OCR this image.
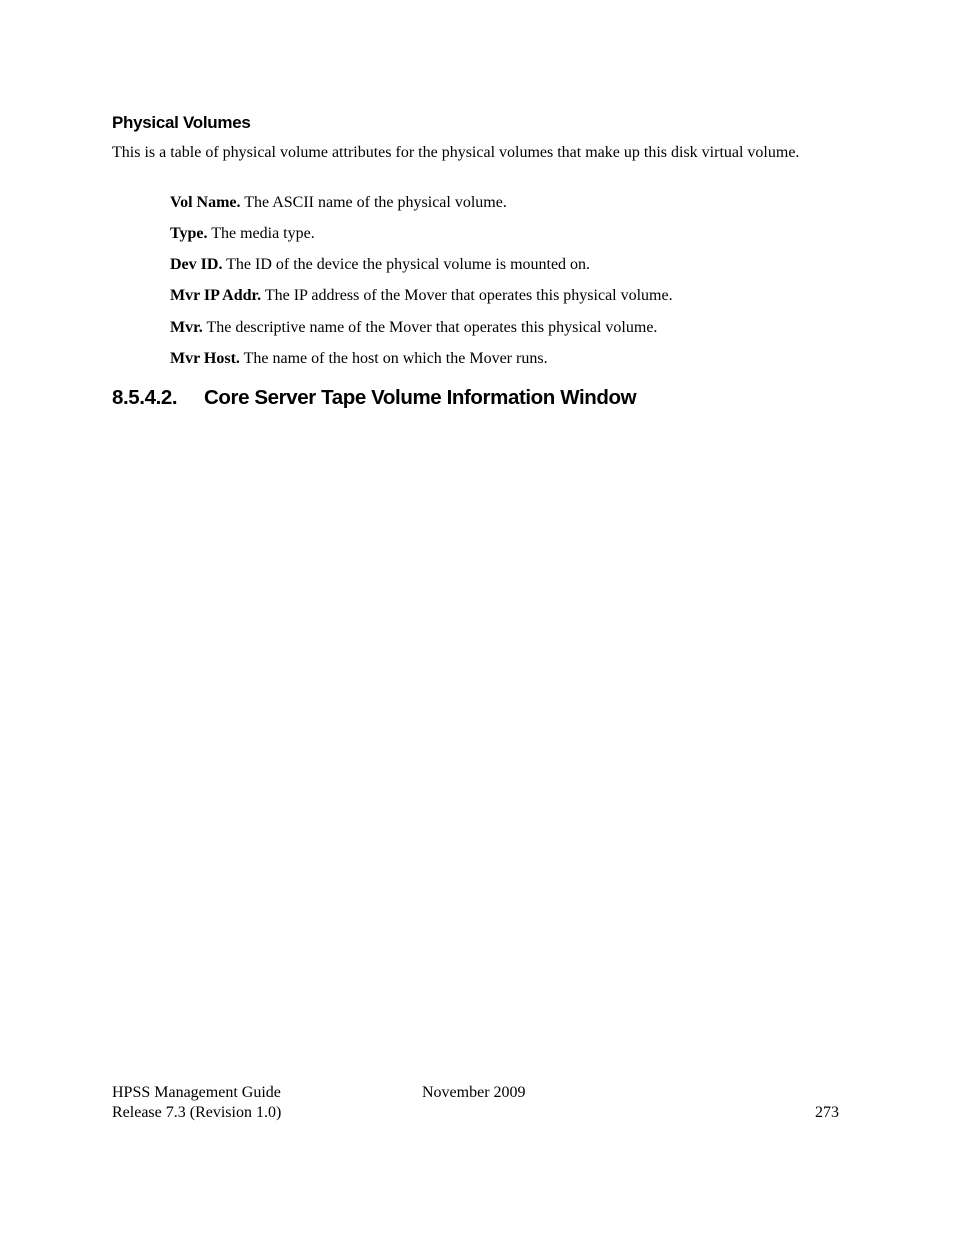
Physical Volumes

This is a table of physical volume attributes for the physical volumes that make up this disk virtual volume.

Vol Name. The ASCII name of the physical volume.

Type. The media type.

Dev ID. The ID of the device the physical volume is mounted on.

Mvr IP Addr. The IP address of the Mover that operates this physical volume.

Mvr. The descriptive name of the Mover that operates this physical volume.

Mvr Host. The name of the host on which the Mover runs.

8.5.4.2. Core Server Tape Volume Information Window

HPSS Management Guide

Release 7.3 (Revision 1.0)

November 2009

273
